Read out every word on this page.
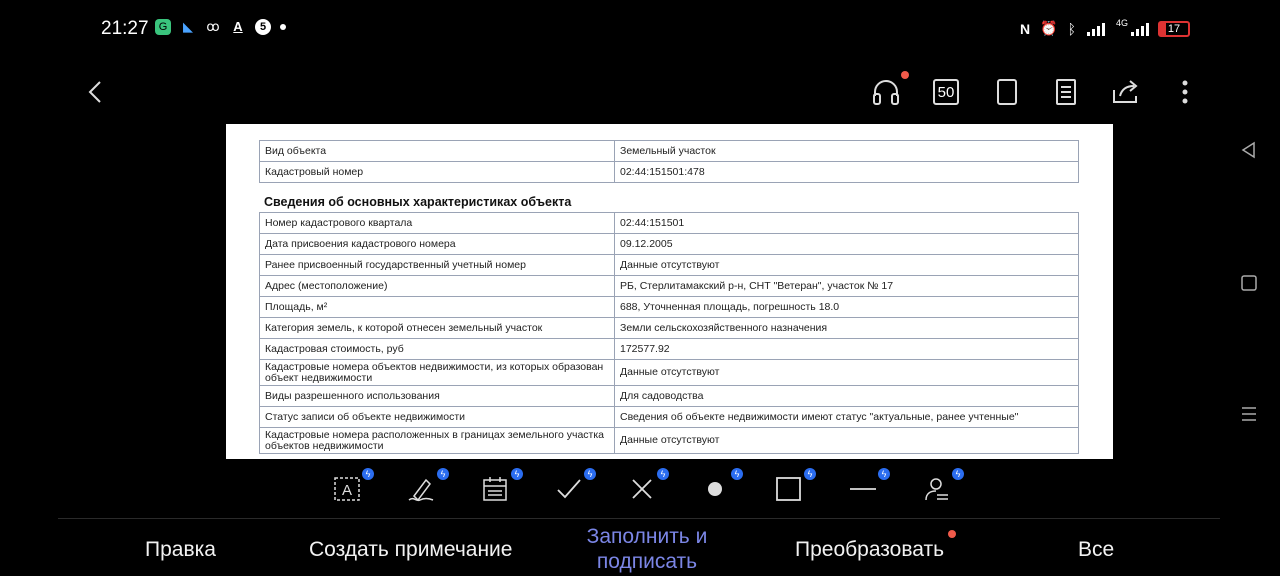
21:27 G ◣ ꝏ A	5	N ⏰ ᛒ	4G
17
50

Вид объекта	Земельный участок
Кадастровый номер	02:44:151501:478
Сведения об основных характеристиках объекта
Номер кадастрового квартала	02:44:151501
Дата присвоения кадастрового номера	09.12.2005
Ранее присвоенный государственный учетный номер	Данные отсутствуют
Адрес (местоположение)	РБ, Стерлитамакский р-н, СНТ "Ветеран", участок № 17
Площадь, м²	688, Уточненная площадь, погрешность 18.0
Категория земель, к которой отнесен земельный участок	Земли сельскохозяйственного назначения
Кадастровая стоимость, руб	172577.92
Кадастровые номера объектов недвижимости, из которых образован объект недвижимости	Данные отсутствуют
Виды разрешенного использования	Для садоводства
Статус записи об объекте недвижимости	Сведения об объекте недвижимости имеют статус "актуальные, ранее учтенные"
Кадастровые номера расположенных в границах земельного участка объектов недвижимости	Данные отсутствуют
A
ϟ	ϟ	ϟ	ϟ	ϟ	ϟ	ϟ	ϟ	ϟ
Правка	Создать примечание
Заполнить и подписать
Преобразовать	Все
